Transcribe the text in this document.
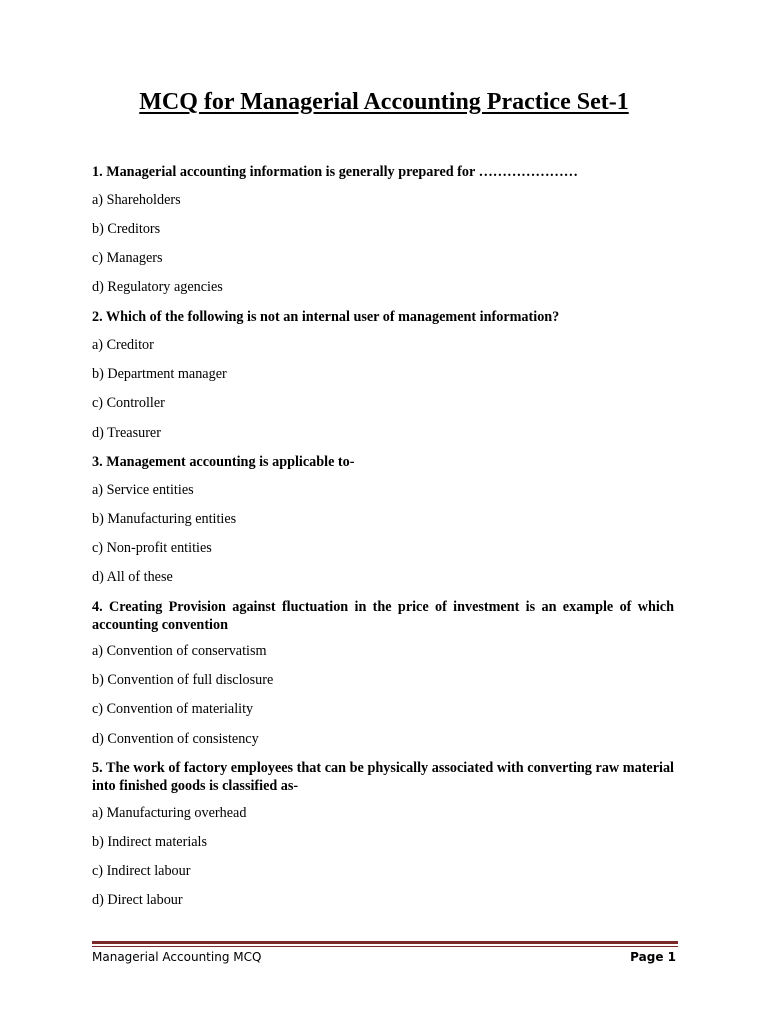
MCQ for Managerial Accounting Practice Set-1

1. Managerial accounting information is generally prepared for …………………

a) Shareholders

b) Creditors

c) Managers

d) Regulatory agencies

2. Which of the following is not an internal user of management information?

a) Creditor

b) Department manager

c) Controller

d) Treasurer

3. Management accounting is applicable to-

a) Service entities

b) Manufacturing entities

c) Non-profit entities

d) All of these

4. Creating Provision against fluctuation in the price of investment is an example of which accounting convention

a) Convention of conservatism

b) Convention of full disclosure

c) Convention of materiality

d) Convention of consistency

5. The work of factory employees that can be physically associated with converting raw material into finished goods is classified as-

a) Manufacturing overhead

b) Indirect materials

c) Indirect labour

d) Direct labour

Managerial Accounting MCQ	Page 1
